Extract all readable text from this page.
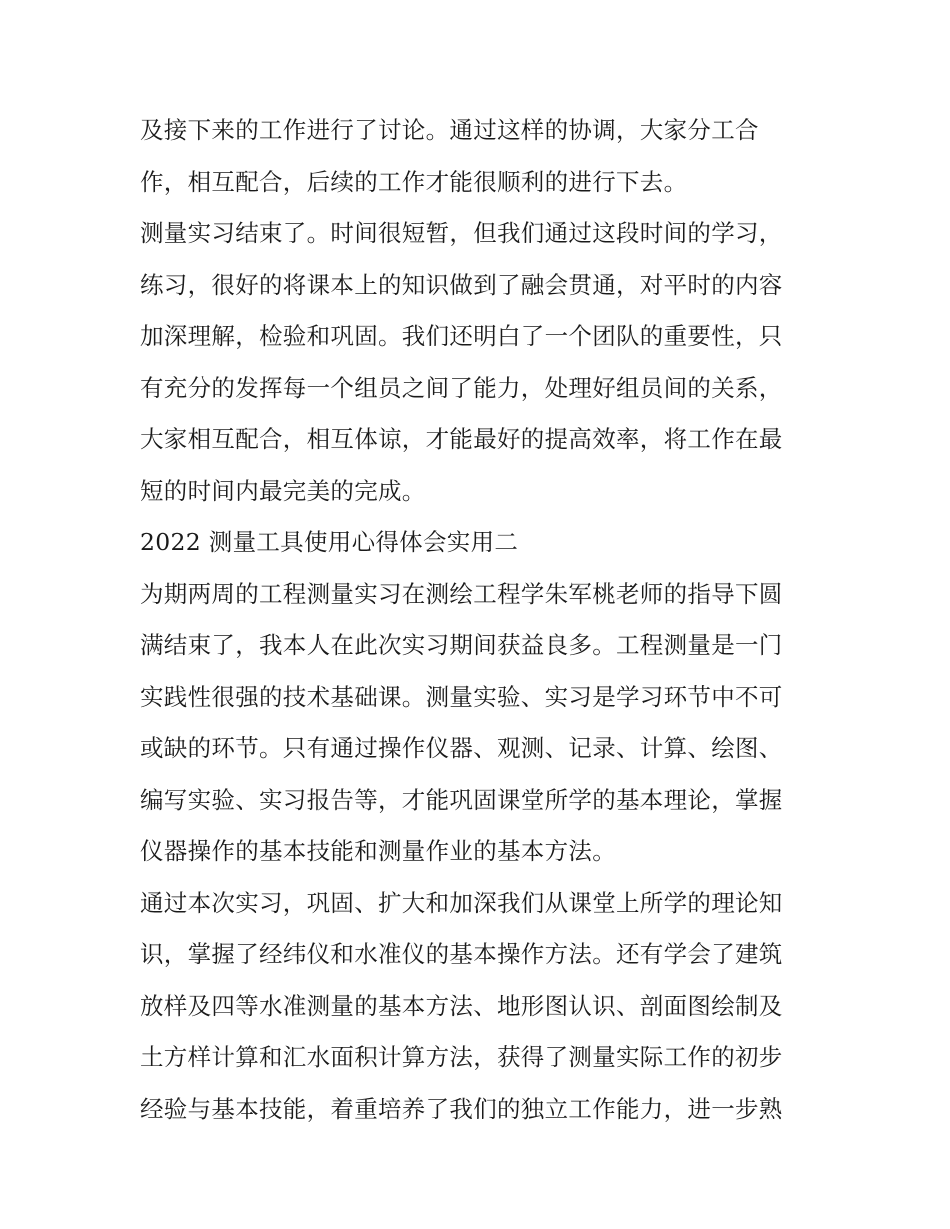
及接下来的工作进行了讨论。通过这样的协调，大家分工合
作，相互配合，后续的工作才能很顺利的进行下去。
测量实习结束了。时间很短暂，但我们通过这段时间的学习，
练习，很好的将课本上的知识做到了融会贯通，对平时的内容
加深理解，检验和巩固。我们还明白了一个团队的重要性，只
有充分的发挥每一个组员之间了能力，处理好组员间的关系，
大家相互配合，相互体谅，才能最好的提高效率，将工作在最
短的时间内最完美的完成。
2022 测量工具使用心得体会实用二
为期两周的工程测量实习在测绘工程学朱军桃老师的指导下圆
满结束了，我本人在此次实习期间获益良多。工程测量是一门
实践性很强的技术基础课。测量实验、实习是学习环节中不可
或缺的环节。只有通过操作仪器、观测、记录、计算、绘图、
编写实验、实习报告等，才能巩固课堂所学的基本理论，掌握
仪器操作的基本技能和测量作业的基本方法。
通过本次实习，巩固、扩大和加深我们从课堂上所学的理论知
识，掌握了经纬仪和水准仪的基本操作方法。还有学会了建筑
放样及四等水准测量的基本方法、地形图认识、剖面图绘制及
土方样计算和汇水面积计算方法，获得了测量实际工作的初步
经验与基本技能，着重培养了我们的独立工作能力，进一步熟
